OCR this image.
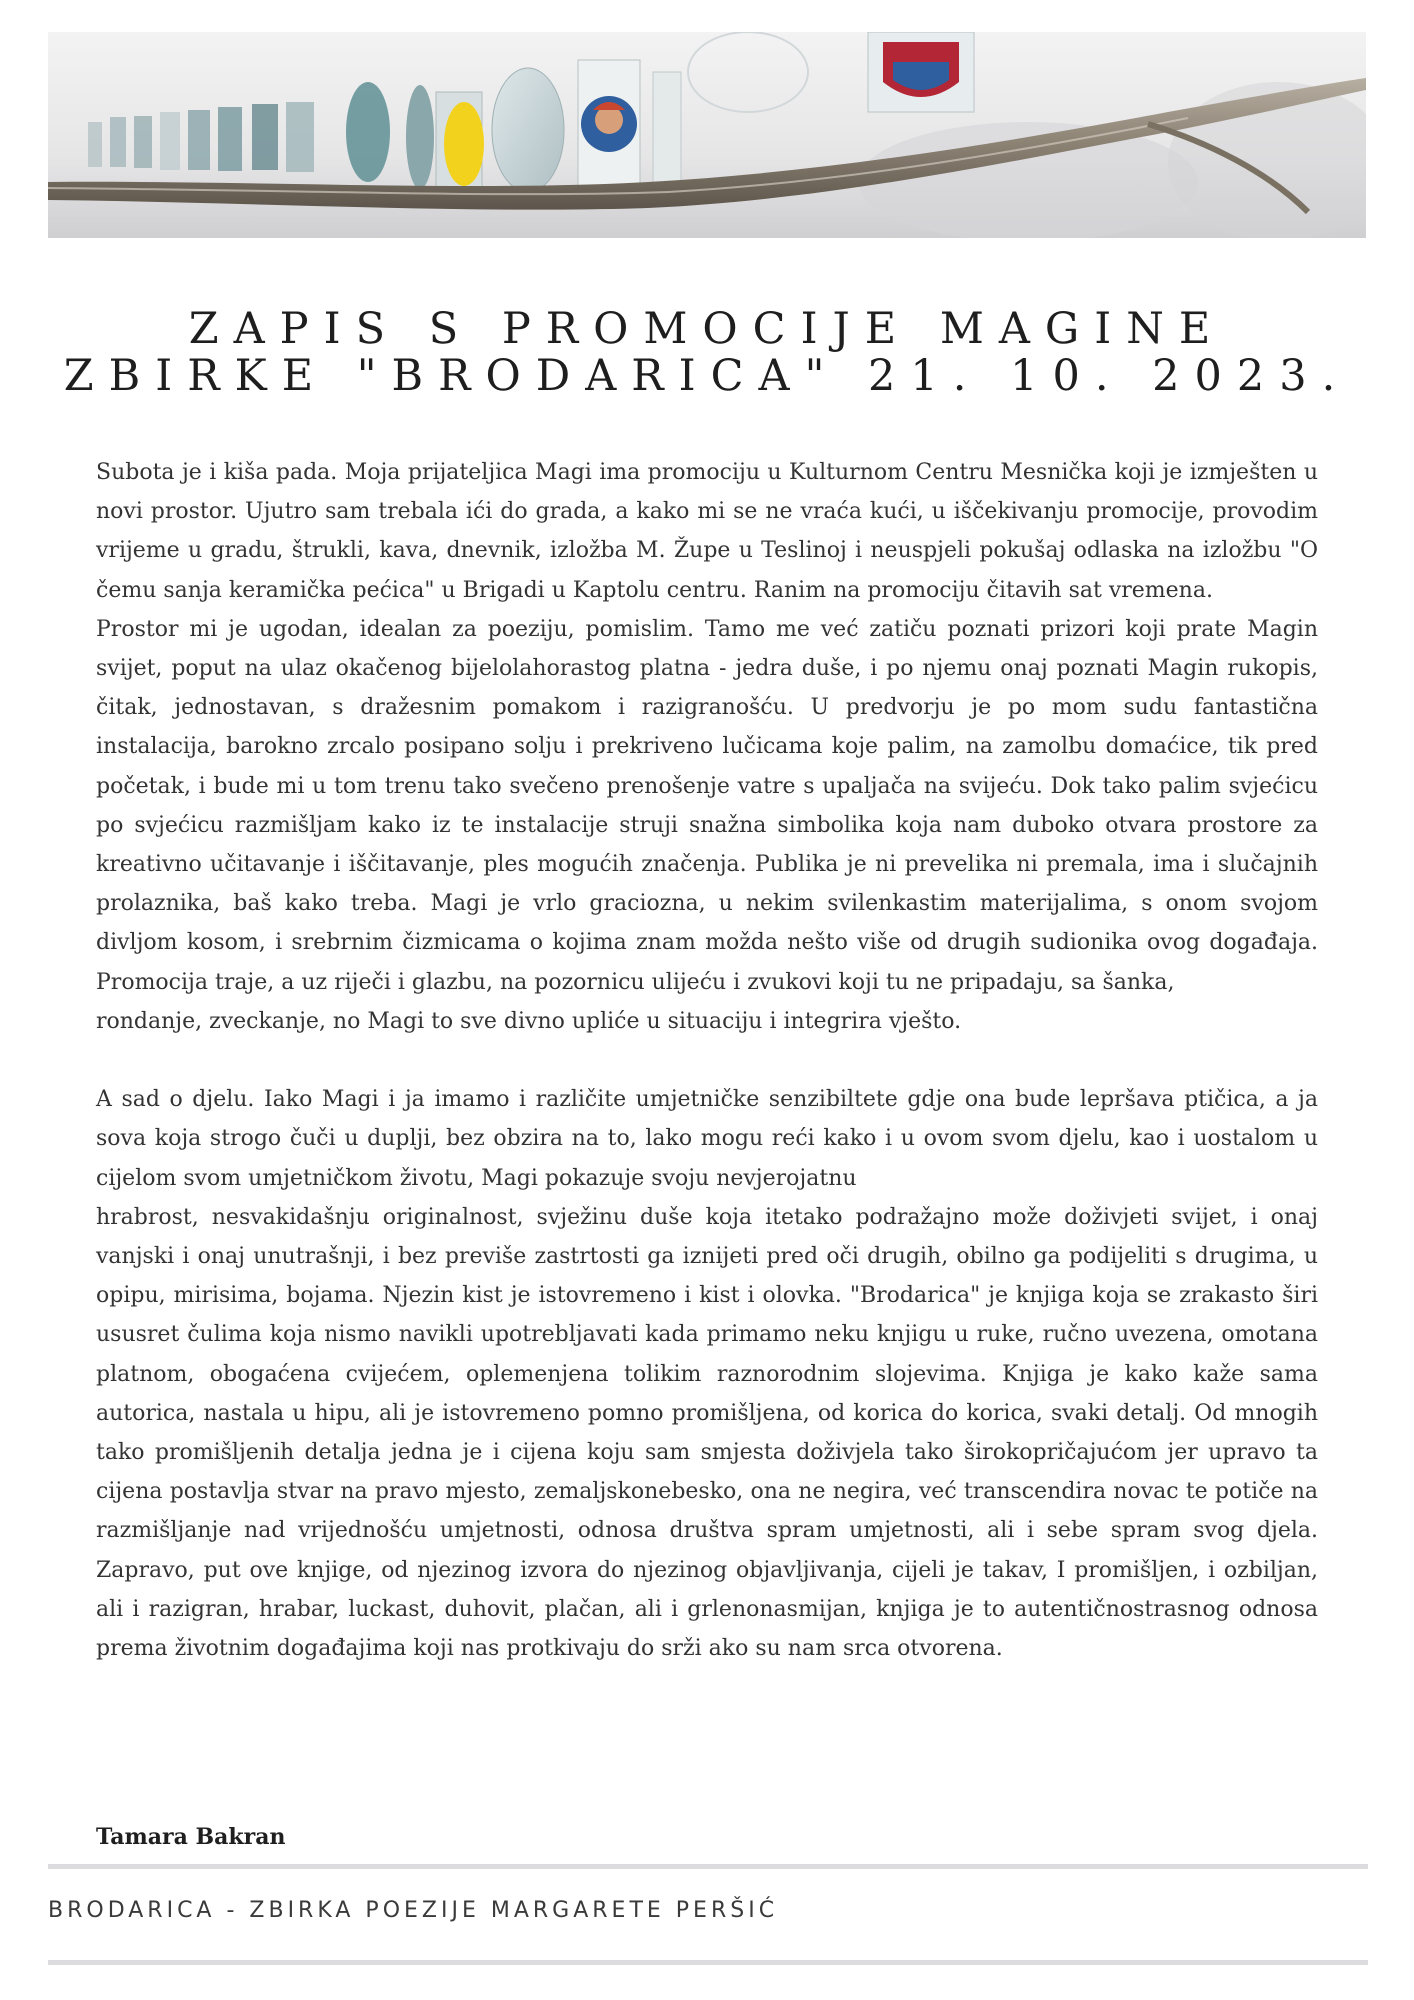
ZAPIS S PROMOCIJE MAGINE ZBIRKE "BRODARICA" 21. 10. 2023.

Subota je i kiša pada. Moja prijateljica Magi ima promociju u Kulturnom Centru Mesnička koji je izmješten u novi prostor. Ujutro sam trebala ići do grada, a kako mi se ne vraća kući, u iščekivanju promocije, provodim vrijeme u gradu, štrukli, kava, dnevnik, izložba M. Župe u Teslinoj i neuspjeli pokušaj odlaska na izložbu "O čemu sanja keramička pećica" u Brigadi u Kaptolu centru. Ranim na promociju čitavih sat vremena.

Prostor mi je ugodan, idealan za poeziju, pomislim. Tamo me već zatiču poznati prizori koji prate Magin svijet, poput na ulaz okačenog bijelolahorastog platna - jedra duše, i po njemu onaj poznati Magin rukopis, čitak, jednostavan, s dražesnim pomakom i razigranošću. U predvorju je po mom sudu fantastična instalacija, barokno zrcalo posipano solju i prekriveno lučicama koje palim, na zamolbu domaćice, tik pred početak, i bude mi u tom trenu tako svečeno prenošenje vatre s upaljača na svijeću. Dok tako palim svjećicu po svjećicu razmišljam kako iz te instalacije struji snažna simbolika koja nam duboko otvara prostore za kreativno učitavanje i iščitavanje, ples mogućih značenja. Publika je ni prevelika ni premala, ima i slučajnih prolaznika, baš kako treba. Magi je vrlo graciozna, u nekim svilenkastim materijalima, s onom svojom divljom kosom, i srebrnim čizmicama o kojima znam možda nešto više od drugih sudionika ovog događaja. Promocija traje, a uz riječi i glazbu, na pozornicu ulijeću i zvukovi koji tu ne pripadaju, sa šanka,

rondanje, zveckanje, no Magi to sve divno upliće u situaciju i integrira vješto.

A sad o djelu. Iako Magi i ja imamo i različite umjetničke senzibiltete gdje ona bude lepršava ptičica, a ja sova koja strogo čuči u duplji, bez obzira na to, lako mogu reći kako i u ovom svom djelu, kao i uostalom u cijelom svom umjetničkom životu, Magi pokazuje svoju nevjerojatnu

hrabrost, nesvakidašnju originalnost, svježinu duše koja itetako podražajno može doživjeti svijet, i onaj vanjski i onaj unutrašnji, i bez previše zastrtosti ga iznijeti pred oči drugih, obilno ga podijeliti s drugima, u opipu, mirisima, bojama. Njezin kist je istovremeno i kist i olovka. "Brodarica" je knjiga koja se zrakasto širi ususret čulima koja nismo navikli upotrebljavati kada primamo neku knjigu u ruke, ručno uvezena, omotana platnom, obogaćena cvijećem, oplemenjena tolikim raznorodnim slojevima. Knjiga je kako kaže sama autorica, nastala u hipu, ali je istovremeno pomno promišljena, od korica do korica, svaki detalj. Od mnogih tako promišljenih detalja jedna je i cijena koju sam smjesta doživjela tako širokopričajućom jer upravo ta cijena postavlja stvar na pravo mjesto, zemaljskonebesko, ona ne negira, već transcendira novac te potiče na razmišljanje nad vrijednošću umjetnosti, odnosa društva spram umjetnosti, ali i sebe spram svog djela. Zapravo, put ove knjige, od njezinog izvora do njezinog objavljivanja, cijeli je takav, I promišljen, i ozbiljan, ali i razigran, hrabar, luckast, duhovit, plačan, ali i grlenonasmijan, knjiga je to autentičnostrasnog odnosa prema životnim događajima koji nas protkivaju do srži ako su nam srca otvorena.

Tamara Bakran
BRODARICA - ZBIRKA POEZIJE MARGARETE PERŠIĆ
